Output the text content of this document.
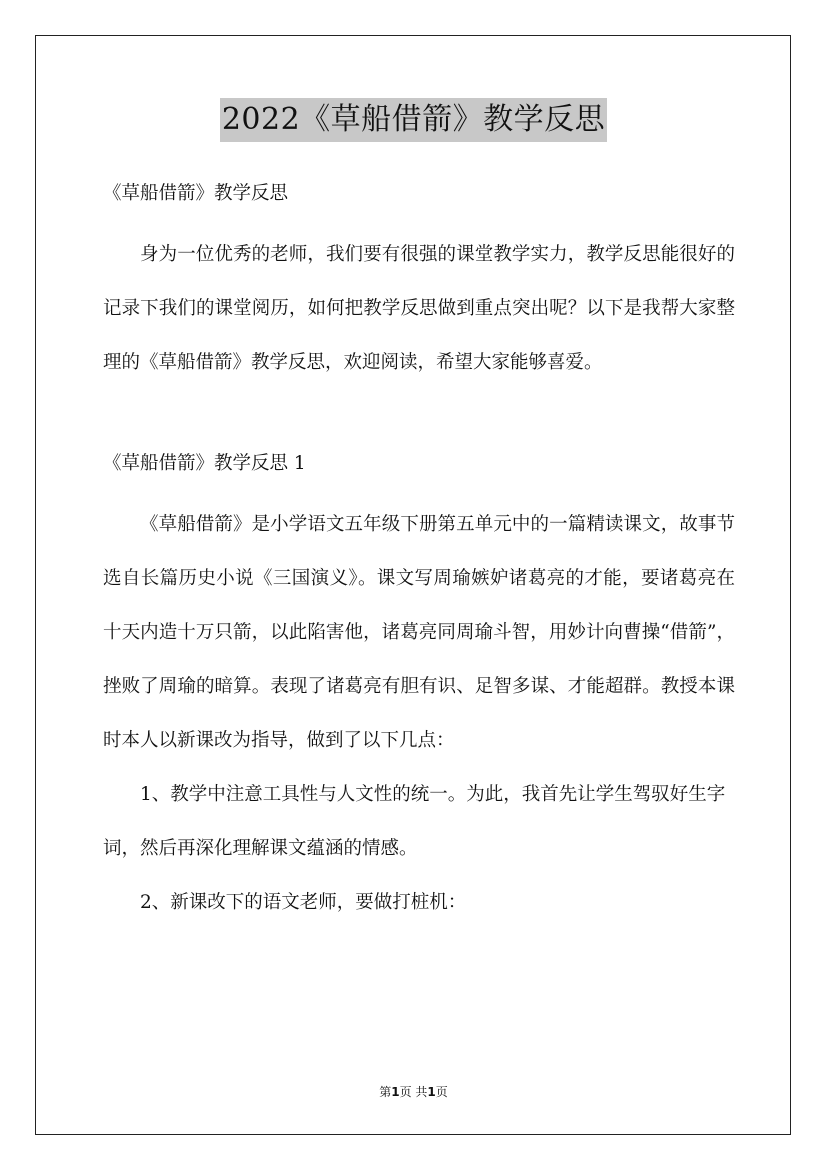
2022《草船借箭》教学反思

《草船借箭》教学反思

身为一位优秀的老师，我们要有很强的课堂教学实力，教学反思能很好的记录下我们的课堂阅历，如何把教学反思做到重点突出呢？以下是我帮大家整理的《草船借箭》教学反思，欢迎阅读，希望大家能够喜爱。

《草船借箭》教学反思 1

《草船借箭》是小学语文五年级下册第五单元中的一篇精读课文，故事节选自长篇历史小说《三国演义》。课文写周瑜嫉妒诸葛亮的才能，要诸葛亮在十天内造十万只箭，以此陷害他，诸葛亮同周瑜斗智，用妙计向曹操“借箭”，挫败了周瑜的暗算。表现了诸葛亮有胆有识、足智多谋、才能超群。教授本课时本人以新课改为指导，做到了以下几点：

1、教学中注意工具性与人文性的统一。为此，我首先让学生驾驭好生字词，然后再深化理解课文蕴涵的情感。

2、新课改下的语文老师，要做打桩机：

第1页 共1页
